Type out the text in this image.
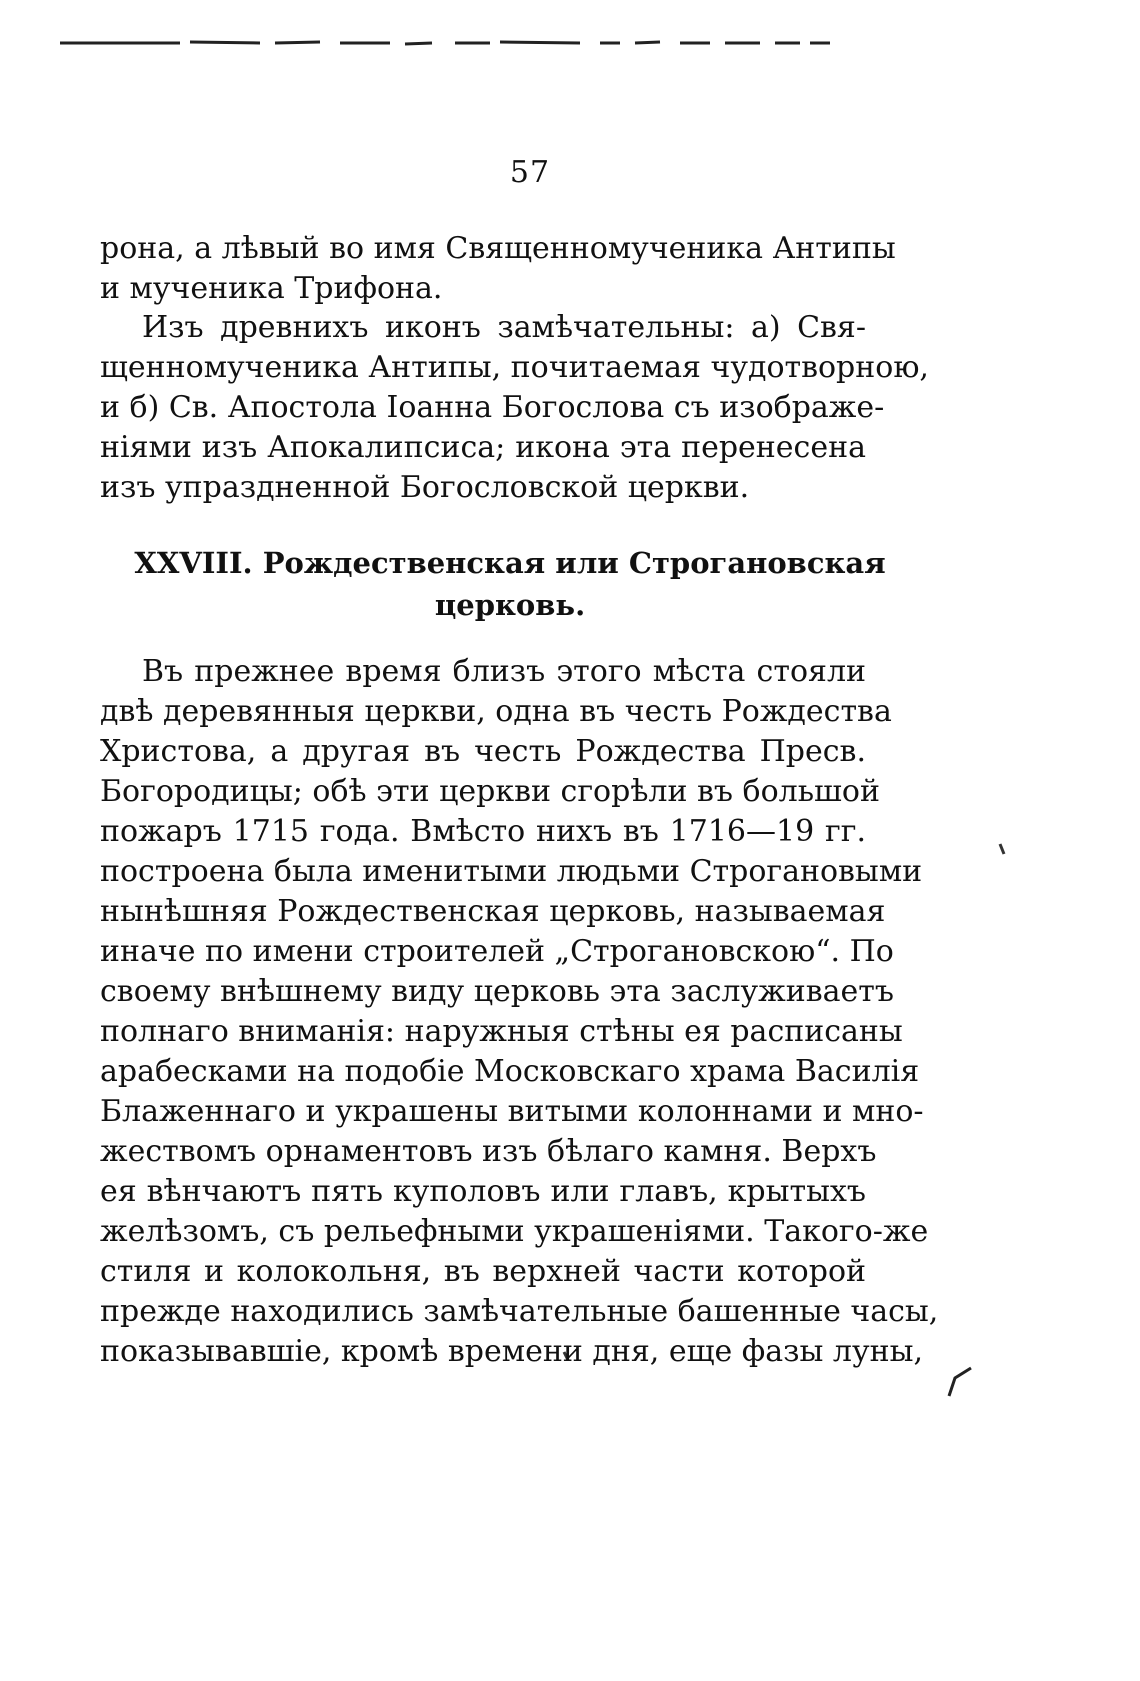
57
рона, а лѣвый во имя Священномученика Антипы
и мученика Трифона.
Изъ древнихъ иконъ замѣчательны: а) Свя-
щенномученика Антипы, почитаемая чудотворною,
и б) Св. Апостола Іоанна Богослова съ изображе-
ніями изъ Апокалипсиса; икона эта перенесена
изъ упраздненной Богословской церкви.
XXVIII. Рождественская или Строгановская
церковь.
Въ прежнее время близъ этого мѣста стояли
двѣ деревянныя церкви, одна въ честь Рождества
Христова, а другая въ честь Рождества Пресв.
Богородицы; обѣ эти церкви сгорѣли въ большой
пожаръ 1715 года. Вмѣсто нихъ въ 1716—19 гг.
построена была именитыми людьми Строгановыми
нынѣшняя Рождественская церковь, называемая
иначе по имени строителей „Строгановскою“. По
своему внѣшнему виду церковь эта заслуживаетъ
полнаго вниманія: наружныя стѣны ея расписаны
арабесками на подобіе Московскаго храма Василія
Блаженнаго и украшены витыми колоннами и мно-
жествомъ орнаментовъ изъ бѣлаго камня. Верхъ
ея вѣнчаютъ пять куполовъ или главъ, крытыхъ
желѣзомъ, съ рельефными украшеніями. Такого-же
стиля и колокольня, въ верхней части которой
прежде находились замѣчательные башенные часы,
показывавшіе, кромѣ времени дня, еще фазы луны,
